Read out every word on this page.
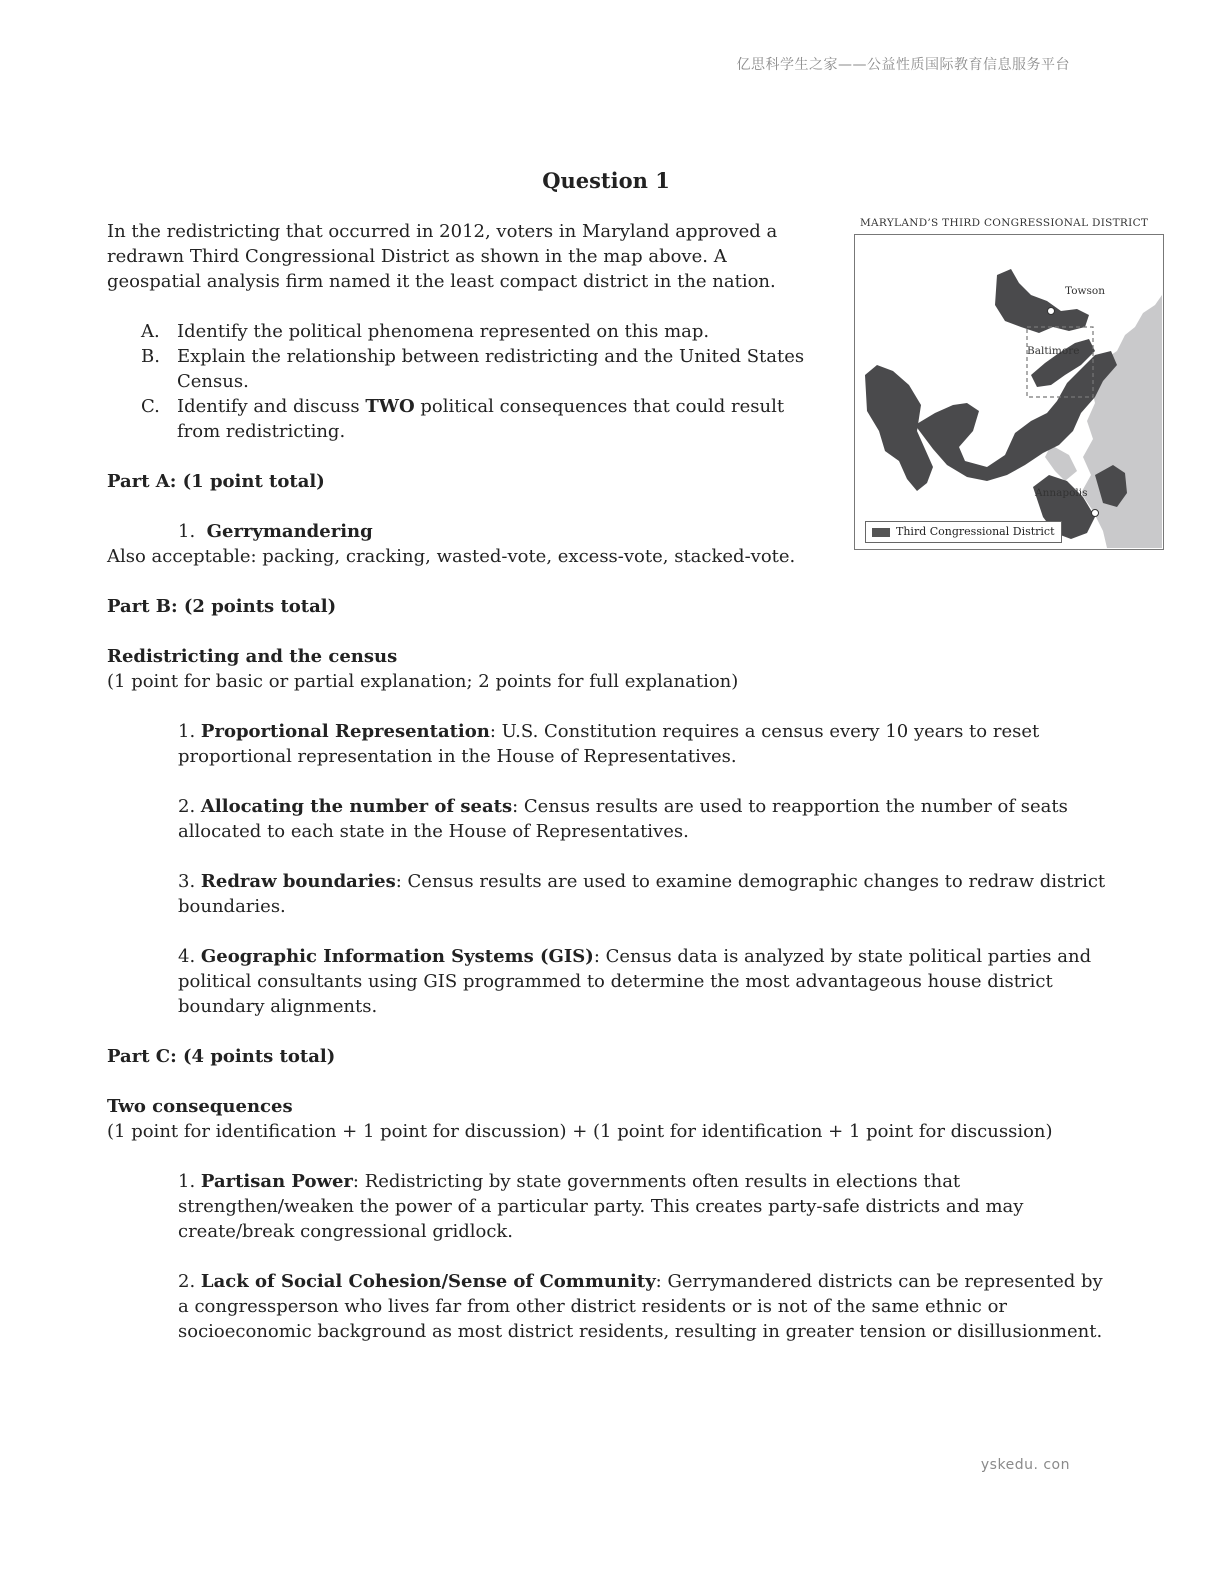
亿思科学生之家——公益性质国际教育信息服务平台
Question 1
MARYLAND’S THIRD CONGRESSIONAL DISTRICT
Towson
Baltimore
Annapolis
Third Congressional District

In the redistricting that occurred in 2012, voters in Maryland approved a redrawn Third Congressional District as shown in the map above. A geospatial analysis firm named it the least compact district in the nation.

A. Identify the political phenomena represented on this map.
B. Explain the relationship between redistricting and the United States Census.
C. Identify and discuss TWO political consequences that could result from redistricting.

Part A: (1 point total)

1. Gerrymandering

Also acceptable: packing, cracking, wasted-vote, excess-vote, stacked-vote.

Part B: (2 points total)

Redistricting and the census

(1 point for basic or partial explanation; 2 points for full explanation)

1. Proportional Representation: U.S. Constitution requires a census every 10 years to reset proportional representation in the House of Representatives.

2. Allocating the number of seats: Census results are used to reapportion the number of seats allocated to each state in the House of Representatives.

3. Redraw boundaries: Census results are used to examine demographic changes to redraw district boundaries.

4. Geographic Information Systems (GIS): Census data is analyzed by state political parties and political consultants using GIS programmed to determine the most advantageous house district boundary alignments.

Part C: (4 points total)

Two consequences

(1 point for identification + 1 point for discussion) + (1 point for identification + 1 point for discussion)

1. Partisan Power: Redistricting by state governments often results in elections that strengthen/weaken the power of a particular party. This creates party-safe districts and may create/break congressional gridlock.

2. Lack of Social Cohesion/Sense of Community: Gerrymandered districts can be represented by a congressperson who lives far from other district residents or is not of the same ethnic or socioeconomic background as most district residents, resulting in greater tension or disillusionment.

yskedu. con
